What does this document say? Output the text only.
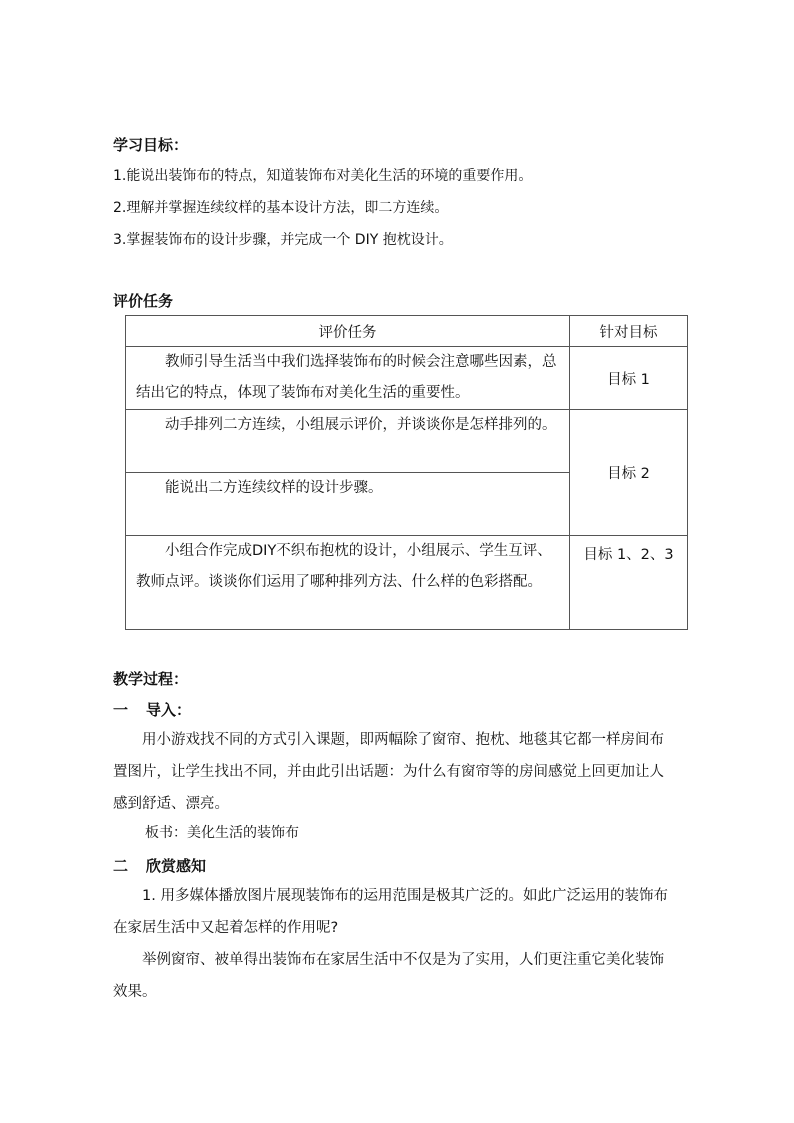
学习目标：
1.能说出装饰布的特点，知道装饰布对美化生活的环境的重要作用。
2.理解并掌握连续纹样的基本设计方法，即二方连续。
3.掌握装饰布的设计步骤，并完成一个 DIY 抱枕设计。
评价任务
评价任务	针对目标
教师引导生活当中我们选择装饰布的时候会注意哪些因素，总结出它的特点，体现了装饰布对美化生活的重要性。	目标 1
动手排列二方连续，小组展示评价，并谈谈你是怎样排列的。	目标 2
能说出二方连续纹样的设计步骤。	
小组合作完成DIY不织布抱枕的设计，小组展示、学生互评、教师点评。谈谈你们运用了哪种排列方法、什么样的色彩搭配。	目标 1、2、3
教学过程：
一 导入：
用小游戏找不同的方式引入课题，即两幅除了窗帘、抱枕、地毯其它都一样房间布置图片，让学生找出不同，并由此引出话题：为什么有窗帘等的房间感觉上回更加让人感到舒适、漂亮。
板书：美化生活的装饰布
二 欣赏感知
1. 用多媒体播放图片展现装饰布的运用范围是极其广泛的。如此广泛运用的装饰布在家居生活中又起着怎样的作用呢?
举例窗帘、被单得出装饰布在家居生活中不仅是为了实用，人们更注重它美化装饰效果。
